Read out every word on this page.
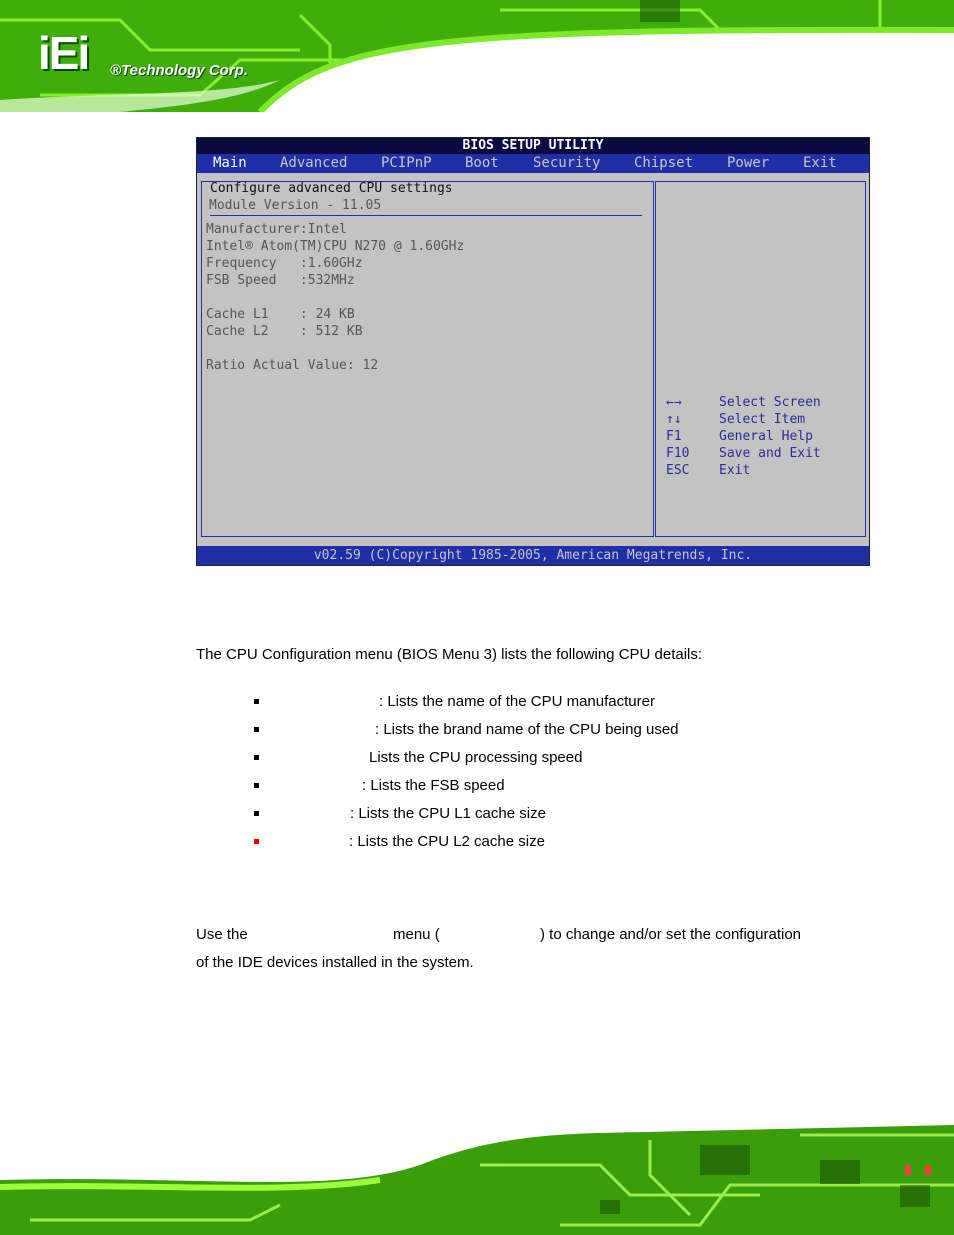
iEi ®Technology Corp.
BIOS SETUP UTILITY
Main Advanced PCIPnP Boot Security Chipset Power Exit
Configure advanced CPU settings
Module Version - 11.05
Manufacturer:Intel
Intel® Atom(TM)CPU N270 @ 1.60GHz
Frequency   :1.60GHz
FSB Speed   :532MHz
Cache L1    : 24 KB
Cache L2    : 512 KB
Ratio Actual Value: 12
←→	Select Screen
↑↓	Select Item
F1	General Help
F10 Save and Exit
ESC Exit
v02.59 (C)Copyright 1985-2005, American Megatrends, Inc.
The CPU Configuration menu (BIOS Menu 3) lists the following CPU details:
: Lists the name of the CPU manufacturer
: Lists the brand name of the CPU being used
Lists the CPU processing speed
: Lists the FSB speed
: Lists the CPU L1 cache size
: Lists the CPU L2 cache size
Use the	menu (	) to change and/or set the configuration
of the IDE devices installed in the system.
